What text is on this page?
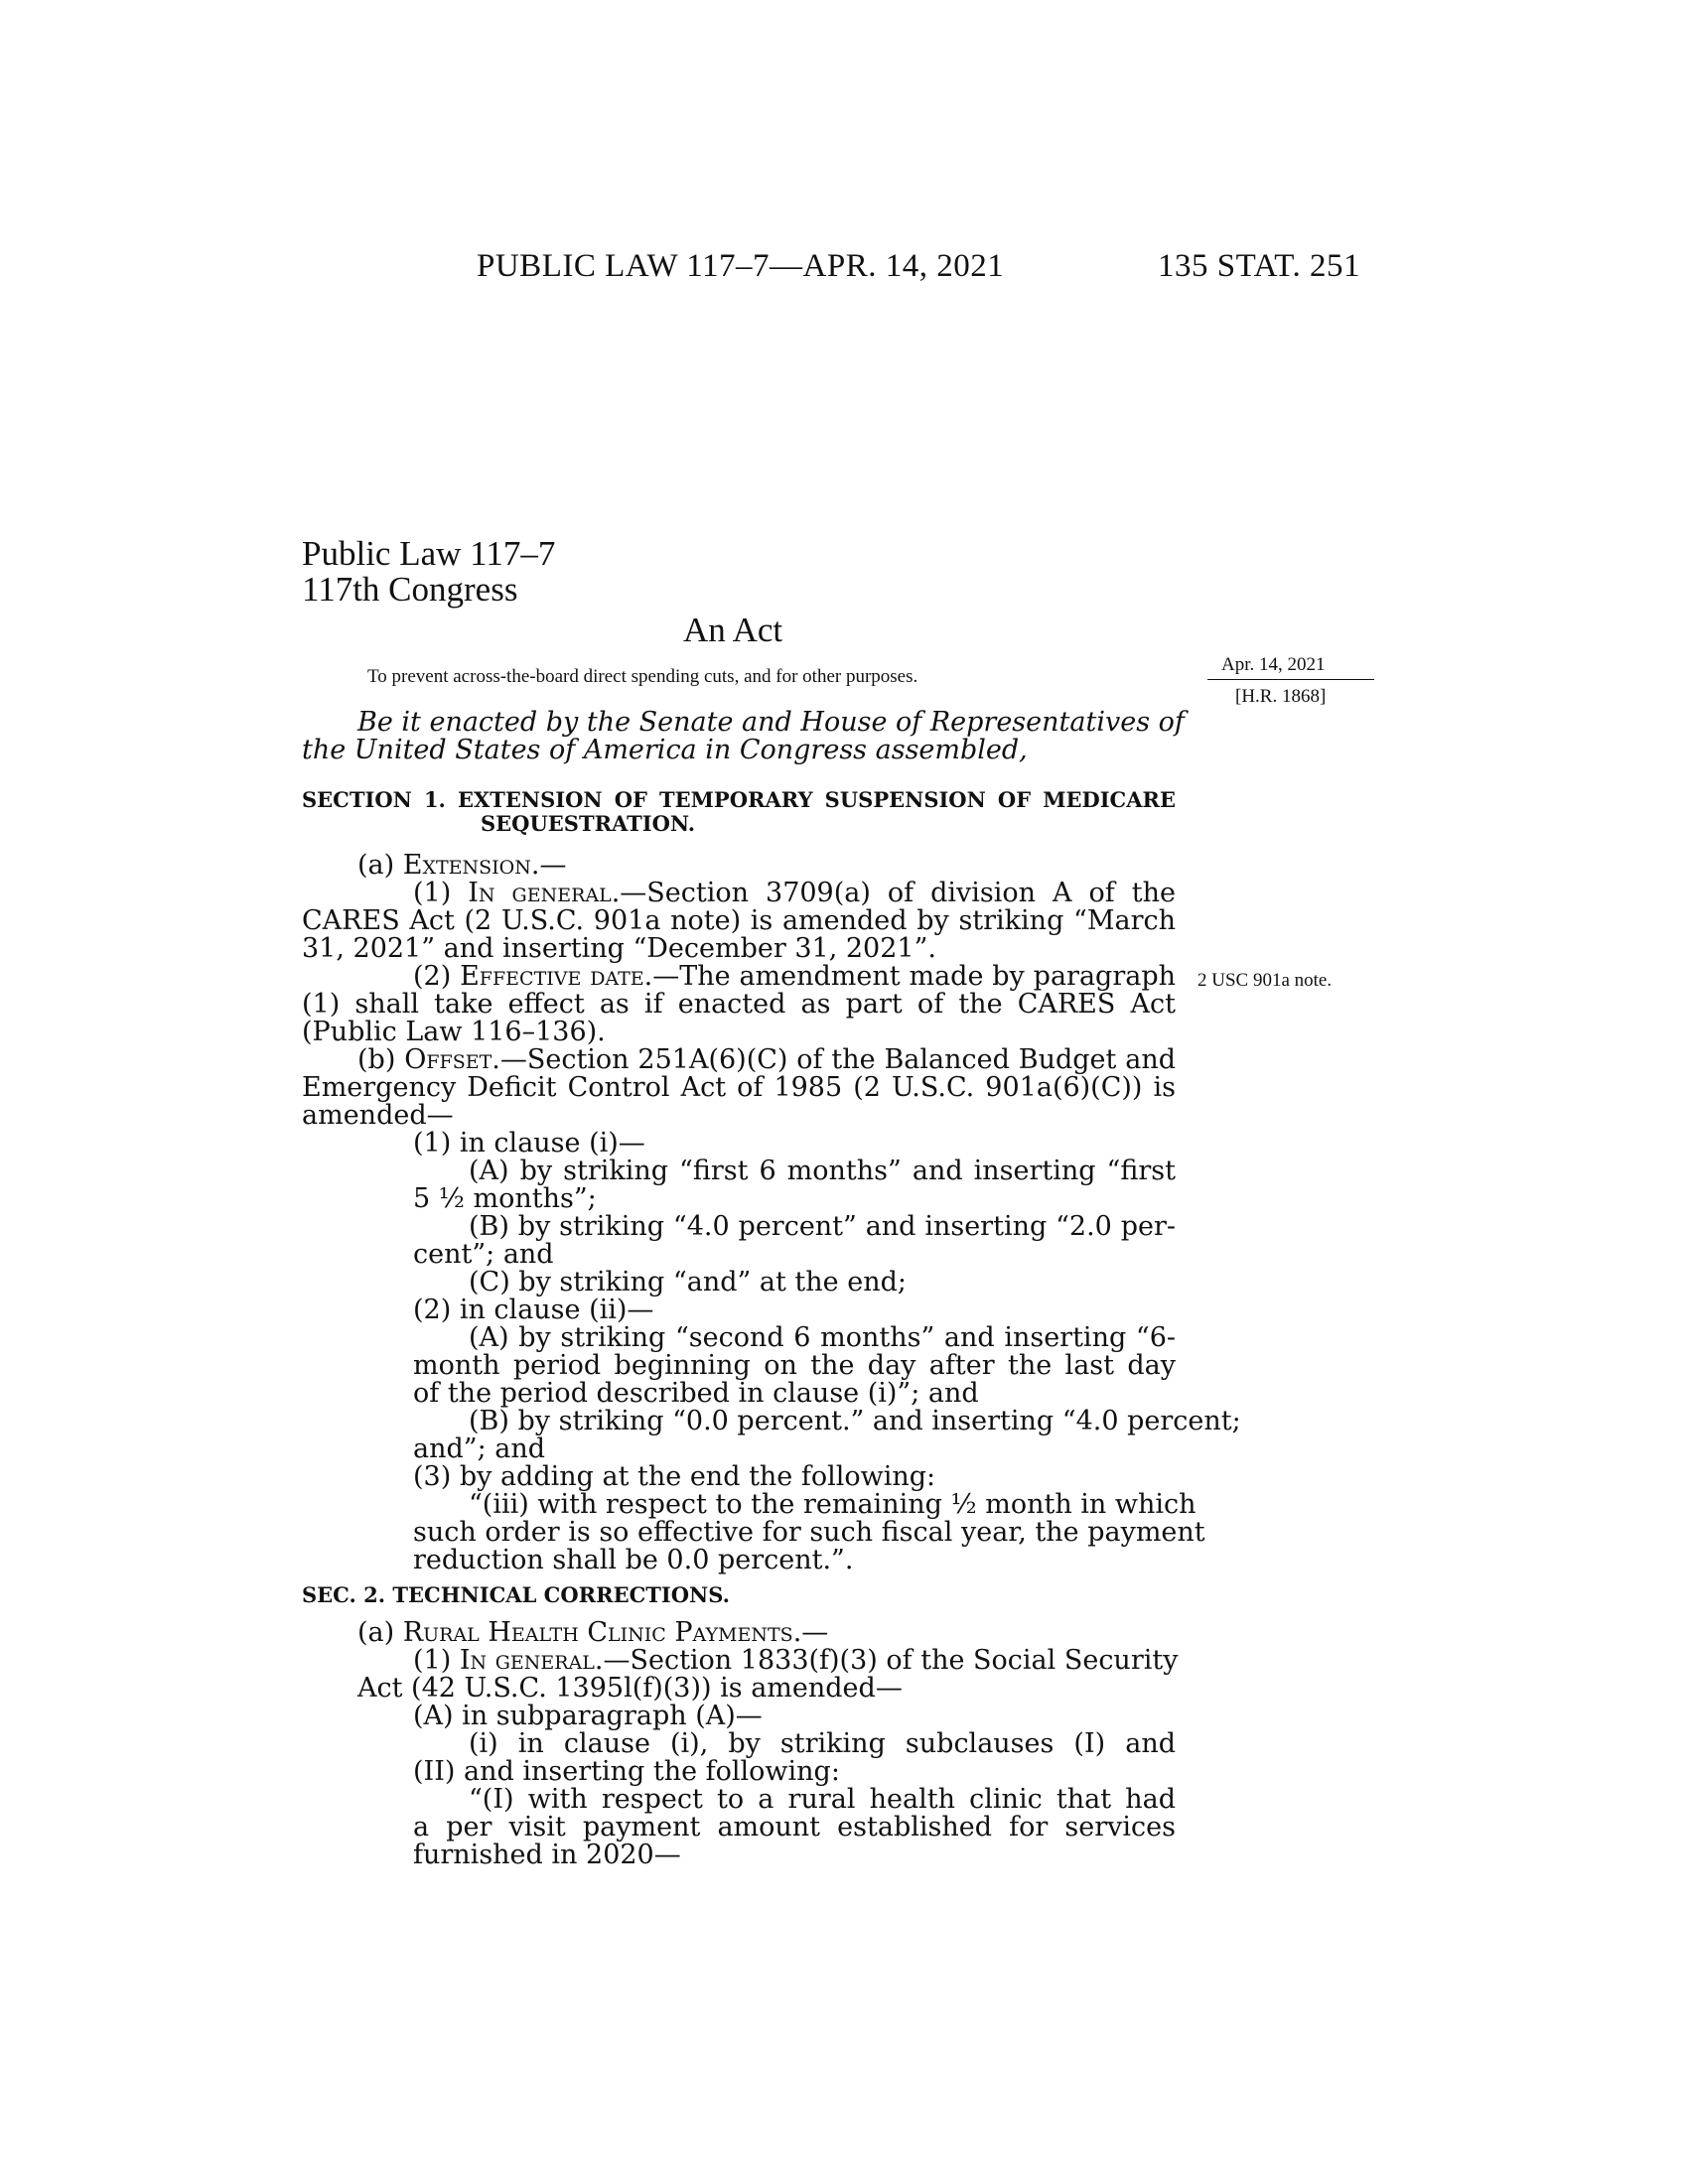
PUBLIC LAW 117–7—APR. 14, 2021	135 STAT. 251
Public Law 117–7
117th Congress
An Act
To prevent across-the-board direct spending cuts, and for other purposes.
Apr. 14, 2021
[H.R. 1868]
2 USC 901a note.
Be it enacted by the Senate and House of Representatives of
the United States of America in Congress assembled,
SECTION 1. EXTENSION OF TEMPORARY SUSPENSION OF MEDICARE
SEQUESTRATION.
(a) Extension.—
(1) In general.—Section 3709(a) of division A of the
CARES Act (2 U.S.C. 901a note) is amended by striking “March
31, 2021” and inserting “December 31, 2021”.
(2) Effective date.—The amendment made by paragraph
(1) shall take effect as if enacted as part of the CARES Act
(Public Law 116–136).
(b) Offset.—Section 251A(6)(C) of the Balanced Budget and
Emergency Deficit Control Act of 1985 (2 U.S.C. 901a(6)(C)) is
amended—
(1) in clause (i)—
(A) by striking “first 6 months” and inserting “first
5 ½ months”;
(B) by striking “4.0 percent” and inserting “2.0 per-
cent”; and
(C) by striking “and” at the end;
(2) in clause (ii)—
(A) by striking “second 6 months” and inserting “6-
month period beginning on the day after the last day
of the period described in clause (i)”; and
(B) by striking “0.0 percent.” and inserting “4.0 percent;
and”; and
(3) by adding at the end the following:
“(iii) with respect to the remaining ½ month in which
such order is so effective for such fiscal year, the payment
reduction shall be 0.0 percent.”.
SEC. 2. TECHNICAL CORRECTIONS.
(a) Rural Health Clinic Payments.—
(1) In general.—Section 1833(f)(3) of the Social Security
Act (42 U.S.C. 1395l(f)(3)) is amended—
(A) in subparagraph (A)—
(i) in clause (i), by striking subclauses (I) and
(II) and inserting the following:
“(I) with respect to a rural health clinic that had
a per visit payment amount established for services
furnished in 2020—
